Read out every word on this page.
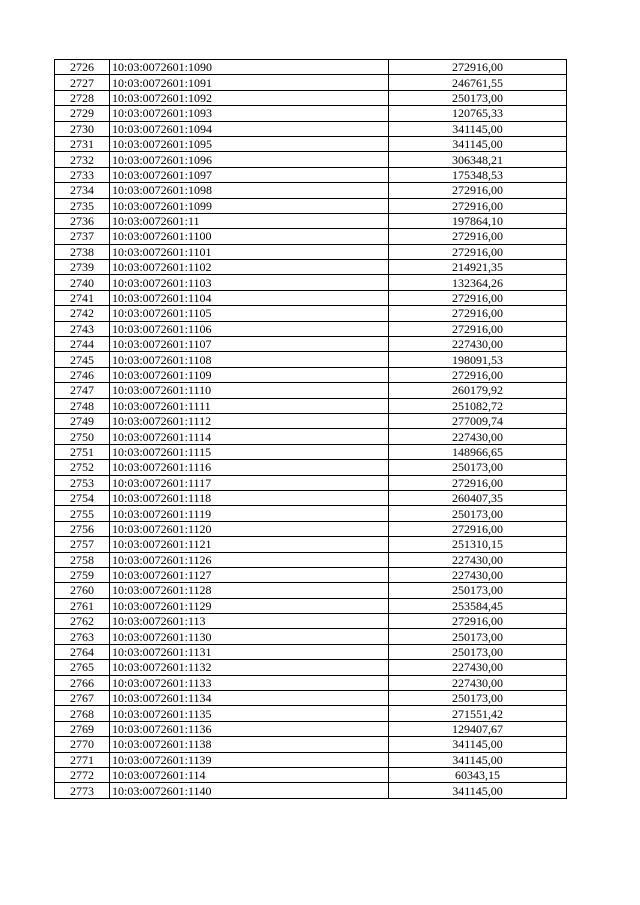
2726	10:03:0072601:1090	272916,00
2727	10:03:0072601:1091	246761,55
2728	10:03:0072601:1092	250173,00
2729	10:03:0072601:1093	120765,33
2730	10:03:0072601:1094	341145,00
2731	10:03:0072601:1095	341145,00
2732	10:03:0072601:1096	306348,21
2733	10:03:0072601:1097	175348,53
2734	10:03:0072601:1098	272916,00
2735	10:03:0072601:1099	272916,00
2736	10:03:0072601:11	197864,10
2737	10:03:0072601:1100	272916,00
2738	10:03:0072601:1101	272916,00
2739	10:03:0072601:1102	214921,35
2740	10:03:0072601:1103	132364,26
2741	10:03:0072601:1104	272916,00
2742	10:03:0072601:1105	272916,00
2743	10:03:0072601:1106	272916,00
2744	10:03:0072601:1107	227430,00
2745	10:03:0072601:1108	198091,53
2746	10:03:0072601:1109	272916,00
2747	10:03:0072601:1110	260179,92
2748	10:03:0072601:1111	251082,72
2749	10:03:0072601:1112	277009,74
2750	10:03:0072601:1114	227430,00
2751	10:03:0072601:1115	148966,65
2752	10:03:0072601:1116	250173,00
2753	10:03:0072601:1117	272916,00
2754	10:03:0072601:1118	260407,35
2755	10:03:0072601:1119	250173,00
2756	10:03:0072601:1120	272916,00
2757	10:03:0072601:1121	251310,15
2758	10:03:0072601:1126	227430,00
2759	10:03:0072601:1127	227430,00
2760	10:03:0072601:1128	250173,00
2761	10:03:0072601:1129	253584,45
2762	10:03:0072601:113	272916,00
2763	10:03:0072601:1130	250173,00
2764	10:03:0072601:1131	250173,00
2765	10:03:0072601:1132	227430,00
2766	10:03:0072601:1133	227430,00
2767	10:03:0072601:1134	250173,00
2768	10:03:0072601:1135	271551,42
2769	10:03:0072601:1136	129407,67
2770	10:03:0072601:1138	341145,00
2771	10:03:0072601:1139	341145,00
2772	10:03:0072601:114	60343,15
2773	10:03:0072601:1140	341145,00
